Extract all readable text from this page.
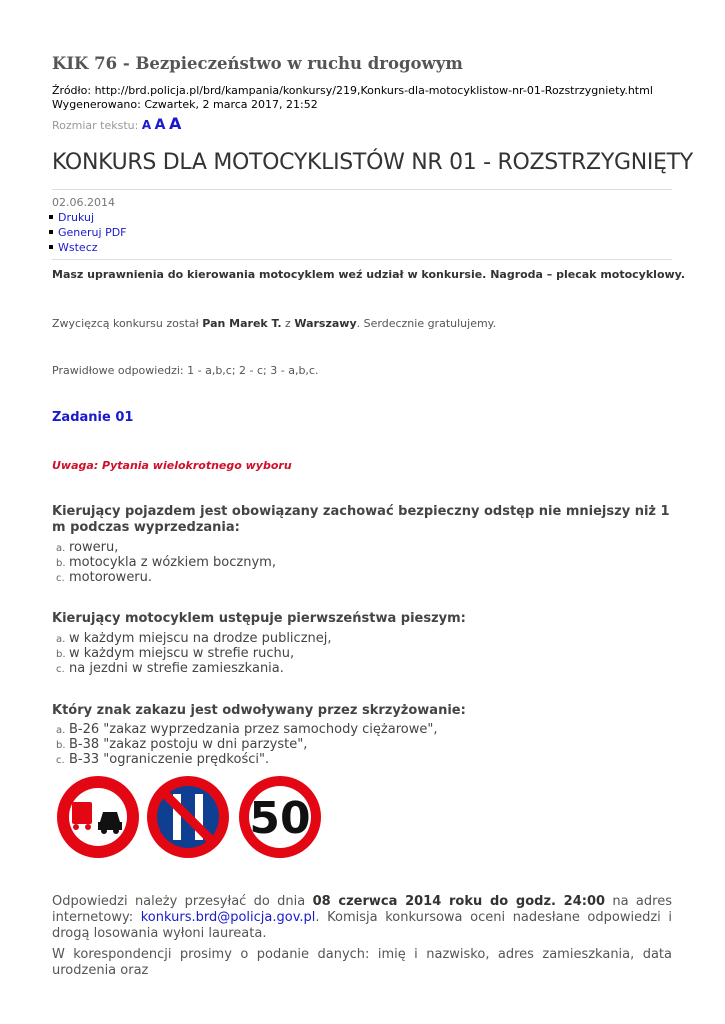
KIK 76 - Bezpieczeństwo w ruchu drogowym
Źródło: http://brd.policja.pl/brd/kampania/konkursy/219,Konkurs-dla-motocyklistow-nr-01-Rozstrzygniety.html
Wygenerowano: Czwartek, 2 marca 2017, 21:52
Rozmiar tekstu: A A A
KONKURS DLA MOTOCYKLISTÓW NR 01 - ROZSTRZYGNIĘTY
02.06.2014
Drukuj
Generuj PDF
Wstecz
Masz uprawnienia do kierowania motocyklem weź udział w konkursie. Nagroda – plecak motocyklowy.
Zwycięzcą konkursu został Pan Marek T. z Warszawy. Serdecznie gratulujemy.
Prawidłowe odpowiedzi: 1 - a,b,c; 2 - c; 3 - a,b,c.
Zadanie 01
Uwaga: Pytania wielokrotnego wyboru
Kierujący pojazdem jest obowiązany zachować bezpieczny odstęp nie mniejszy niż 1 m podczas wyprzedzania:
a. roweru,
b. motocykla z wózkiem bocznym,
c. motoroweru.
Kierujący motocyklem ustępuje pierwszeństwa pieszym:
a. w każdym miejscu na drodze publicznej,
b. w każdym miejscu w strefie ruchu,
c. na jezdni w strefie zamieszkania.
Który znak zakazu jest odwoływany przez skrzyżowanie:
a. B-26 "zakaz wyprzedzania przez samochody ciężarowe",
b. B-38 "zakaz postoju w dni parzyste",
c. B-33 "ograniczenie prędkości".
50
Odpowiedzi należy przesyłać do dnia 08 czerwca 2014 roku do godz. 24:00 na adres internetowy: konkurs.brd@policja.gov.pl. Komisja konkursowa oceni nadesłane odpowiedzi i drogą losowania wyłoni laureata.
W korespondencji prosimy o podanie danych: imię i nazwisko, adres zamieszkania, data urodzenia oraz
